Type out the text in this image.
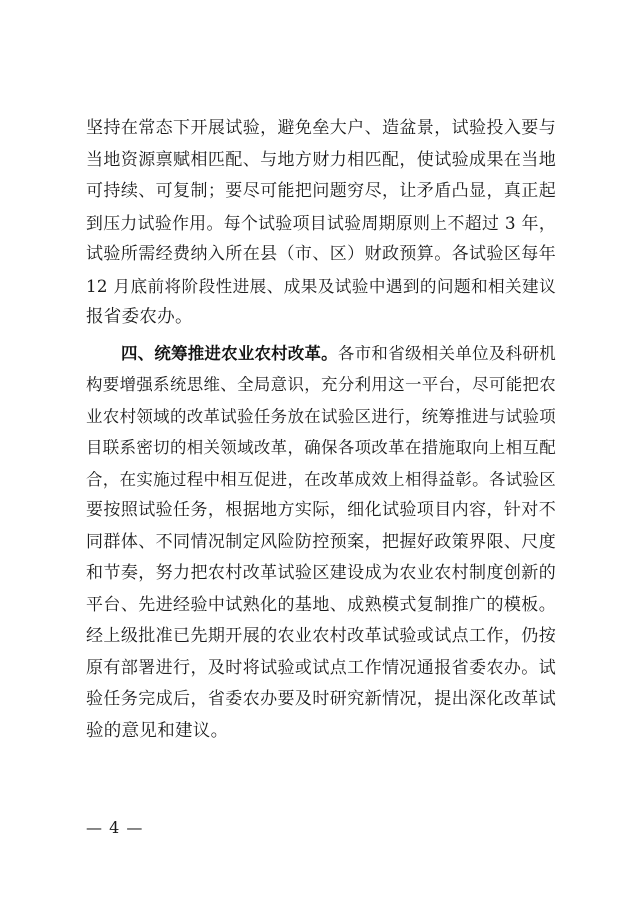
坚持在常态下开展试验，避免垒大户、造盆景，试验投入要与
当地资源禀赋相匹配、与地方财力相匹配，使试验成果在当地
可持续、可复制；要尽可能把问题穷尽，让矛盾凸显，真正起
到压力试验作用。每个试验项目试验周期原则上不超过 3 年，
试验所需经费纳入所在县（市、区）财政预算。各试验区每年
12 月底前将阶段性进展、成果及试验中遇到的问题和相关建议
报省委农办。
四、统筹推进农业农村改革。各市和省级相关单位及科研机
构要增强系统思维、全局意识，充分利用这一平台，尽可能把农
业农村领域的改革试验任务放在试验区进行，统筹推进与试验项
目联系密切的相关领域改革，确保各项改革在措施取向上相互配
合，在实施过程中相互促进，在改革成效上相得益彰。各试验区
要按照试验任务，根据地方实际，细化试验项目内容，针对不
同群体、不同情况制定风险防控预案，把握好政策界限、尺度
和节奏，努力把农村改革试验区建设成为农业农村制度创新的
平台、先进经验中试熟化的基地、成熟模式复制推广的模板。
经上级批准已先期开展的农业农村改革试验或试点工作，仍按
原有部署进行，及时将试验或试点工作情况通报省委农办。试
验任务完成后，省委农办要及时研究新情况，提出深化改革试
验的意见和建议。
— 4 —
